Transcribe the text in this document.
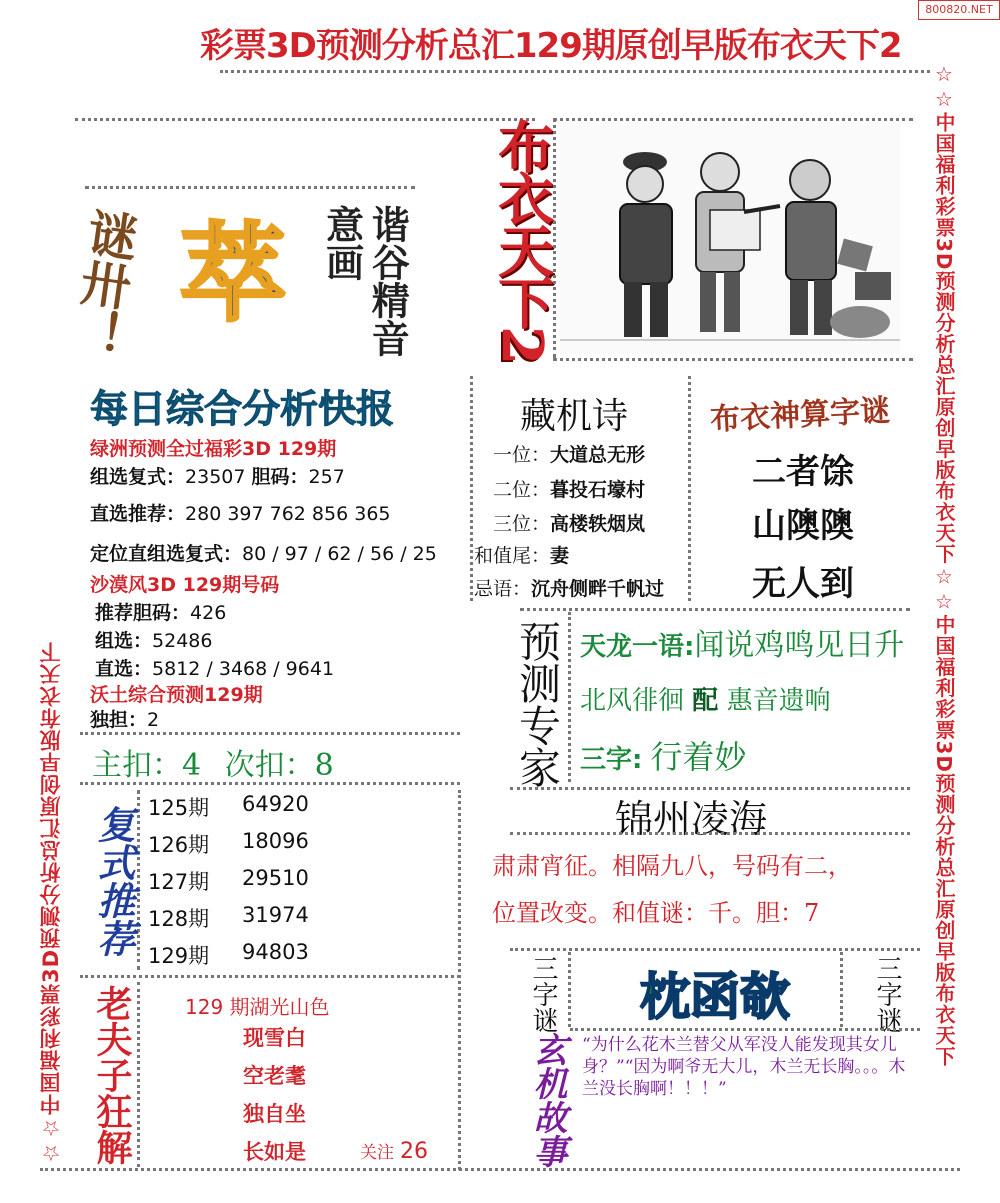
800820.NET
彩票3D预测分析总汇129期原创早版布衣天下2
☆☆中国福利彩票3D预测分析总汇原创早版布衣天下	☆☆中国福利彩票3D预测分析总汇原创早版布衣天下☆☆中国福利彩票3D预测分析总汇原创早版布衣天下
谜卅！ 萃	谐谷精音意画	布衣天下2
每日综合分析快报
绿洲预测全过福彩3D 129期
组选复式：23507 胆码：257
直选推荐：280 397 762 856 365
定位直组选复式：80 / 97 / 62 / 56 / 25
沙漠风3D 129期号码
推荐胆码：426
组选：52486
直选：5812 / 3468 / 9641
沃土综合预测129期
独担：2
主扣：4 次扣：8
复式推荐 125期 64920
126期 18096
127期 29510
128期 31974
129期 94803
老夫子狂解	129 期湖光山色
现雪白
空老耄
独自坐
长如是	关注 26
藏机诗
一位：大道总无形
二位：暮投石壕村
三位：高楼轶烟岚
和值尾：妻
忌语：沉舟侧畔千帆过
布衣神算字谜
二者馀
山隩隩
无人到
预测专家 天龙一语:闻说鸡鸣见日升
北风徘徊 配 惠音遗响
三字: 行着妙
锦州凌海
肃肃宵征。相隔九八，号码有二，
位置改变。和值谜：千。胆：7
三字谜 枕函欹	三字谜
玄机故事 “为什么花木兰替父从军没人能发现其女儿身？”“因为啊爷无大儿，木兰无长胸。。。木兰没长胸啊！！！”
